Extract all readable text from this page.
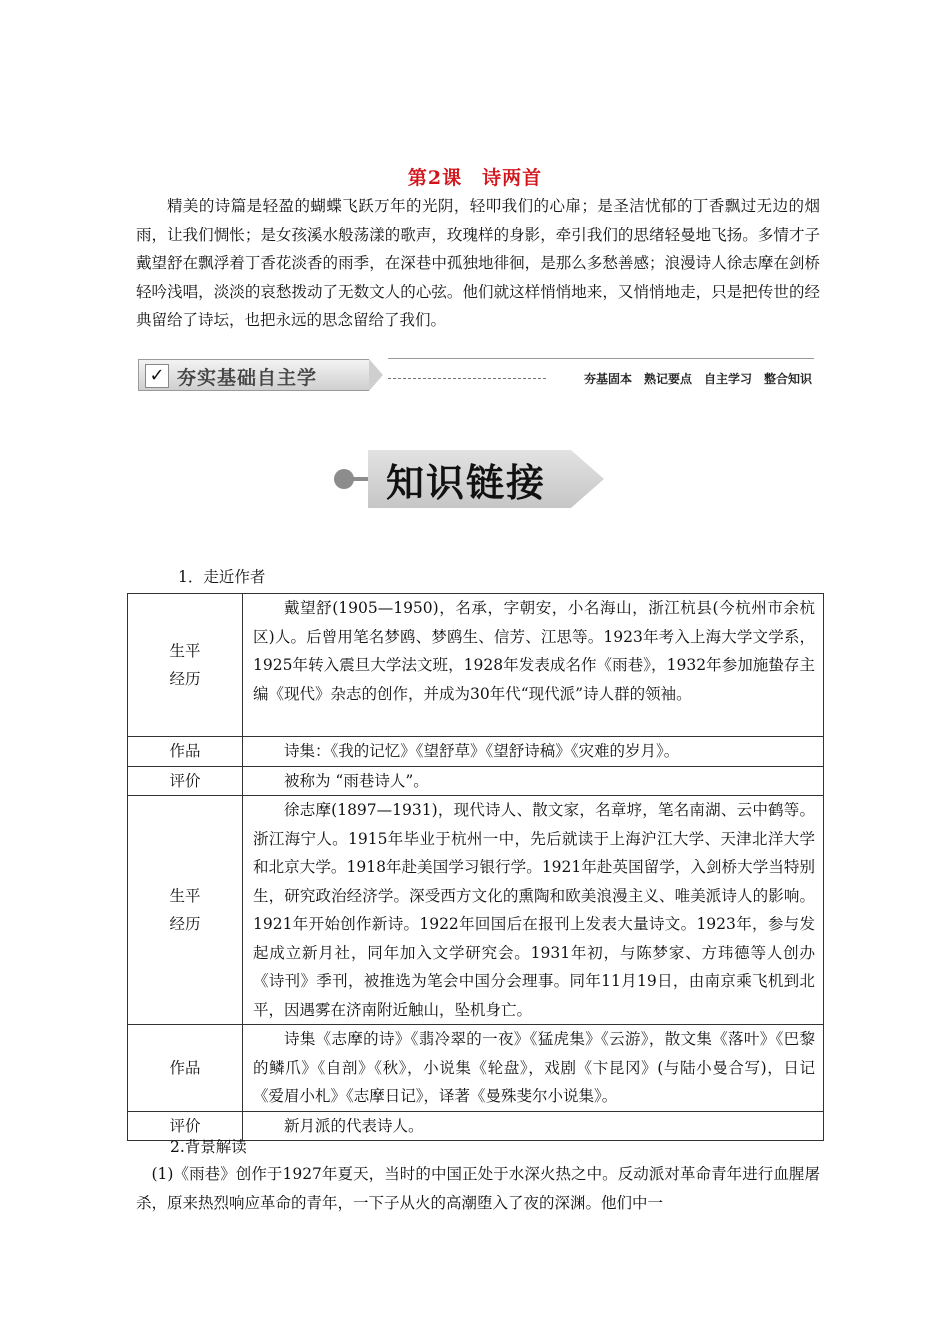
第2课　诗两首

精美的诗篇是轻盈的蝴蝶飞跃万年的光阴，轻叩我们的心扉；是圣洁忧郁的丁香飘过无边的烟雨，让我们惆怅；是女孩溪水般荡漾的歌声，玫瑰样的身影，牵引我们的思绪轻曼地飞扬。多情才子戴望舒在飘浮着丁香花淡香的雨季，在深巷中孤独地徘徊，是那么多愁善感；浪漫诗人徐志摩在剑桥轻吟浅唱，淡淡的哀愁拨动了无数文人的心弦。他们就这样悄悄地来，又悄悄地走，只是把传世的经典留给了诗坛，也把永远的思念留给了我们。

✓ 夯实基础自主学	夯基固本　熟记要点　自主学习　整合知识
知识链接
1．走近作者
生平
经历	戴望舒(1905—1950)，名承，字朝安，小名海山，浙江杭县(今杭州市余杭区)人。后曾用笔名梦鸥、梦鸥生、信芳、江思等。1923年考入上海大学文学系，1925年转入震旦大学法文班，1928年发表成名作《雨巷》，1932年参加施蛰存主编《现代》杂志的创作，并成为30年代“现代派”诗人群的领袖。
作品	诗集：《我的记忆》《望舒草》《望舒诗稿》《灾难的岁月》。
评价	被称为 “雨巷诗人”。
生平
经历	徐志摩(1897—1931)，现代诗人、散文家，名章垿，笔名南湖、云中鹤等。浙江海宁人。1915年毕业于杭州一中，先后就读于上海沪江大学、天津北洋大学和北京大学。1918年赴美国学习银行学。1921年赴英国留学，入剑桥大学当特别生，研究政治经济学。深受西方文化的熏陶和欧美浪漫主义、唯美派诗人的影响。 1921年开始创作新诗。1922年回国后在报刊上发表大量诗文。1923年，参与发起成立新月社，同年加入文学研究会。1931年初，与陈梦家、方玮德等人创办《诗刊》季刊，被推选为笔会中国分会理事。同年11月19日，由南京乘飞机到北平，因遇雾在济南附近触山，坠机身亡。
作品	诗集《志摩的诗》《翡冷翠的一夜》《猛虎集》《云游》，散文集《落叶》《巴黎的鳞爪》《自剖》《秋》，小说集《轮盘》，戏剧《卞昆冈》(与陆小曼合写)，日记《爱眉小札》《志摩日记》，译著《曼殊斐尔小说集》。
评价	新月派的代表诗人。
2.背景解读

(1)《雨巷》创作于1927年夏天，当时的中国正处于水深火热之中。反动派对革命青年进行血腥屠杀，原来热烈响应革命的青年，一下子从火的高潮堕入了夜的深渊。他们中一
